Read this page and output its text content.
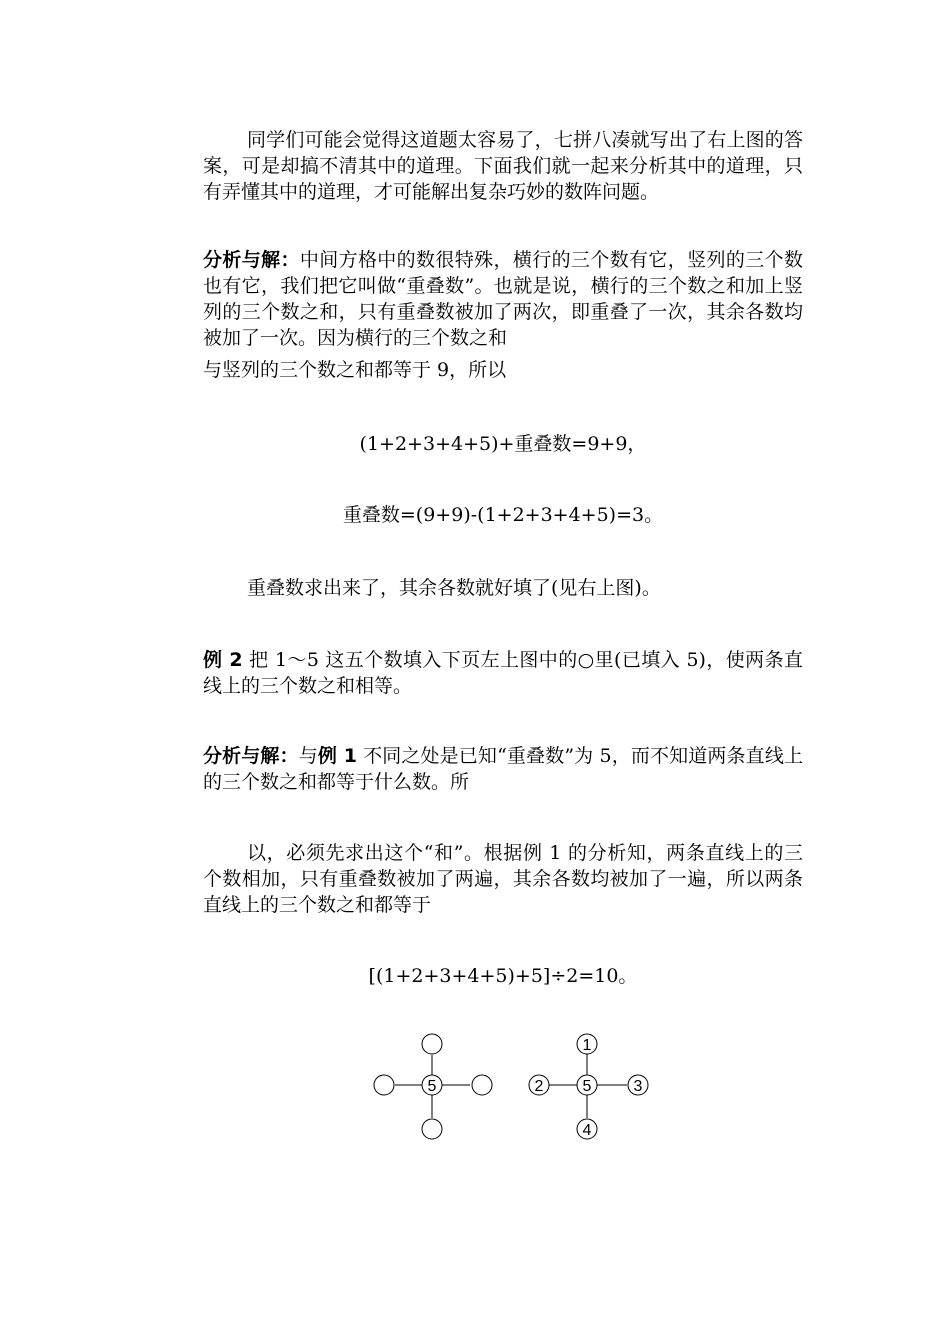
同学们可能会觉得这道题太容易了，七拼八凑就写出了右上图的答案，可是却搞不清其中的道理。下面我们就一起来分析其中的道理，只有弄懂其中的道理，才可能解出复杂巧妙的数阵问题。

分析与解：中间方格中的数很特殊，横行的三个数有它，竖列的三个数也有它，我们把它叫做“重叠数”。也就是说，横行的三个数之和加上竖列的三个数之和，只有重叠数被加了两次，即重叠了一次，其余各数均被加了一次。因为横行的三个数之和

与竖列的三个数之和都等于 9，所以

(1+2+3+4+5)+重叠数=9+9，

重叠数=(9+9)-(1+2+3+4+5)=3。

重叠数求出来了，其余各数就好填了(见右上图)。

例 2 把 1～5 这五个数填入下页左上图中的○里(已填入 5)，使两条直线上的三个数之和相等。

分析与解：与例 1 不同之处是已知“重叠数”为 5，而不知道两条直线上的三个数之和都等于什么数。所

以，必须先求出这个“和”。根据例 1 的分析知，两条直线上的三个数相加，只有重叠数被加了两遍，其余各数均被加了一遍，所以两条直线上的三个数之和都等于

[(1+2+3+4+5)+5]÷2=10。

5
1
2 5	3
4
